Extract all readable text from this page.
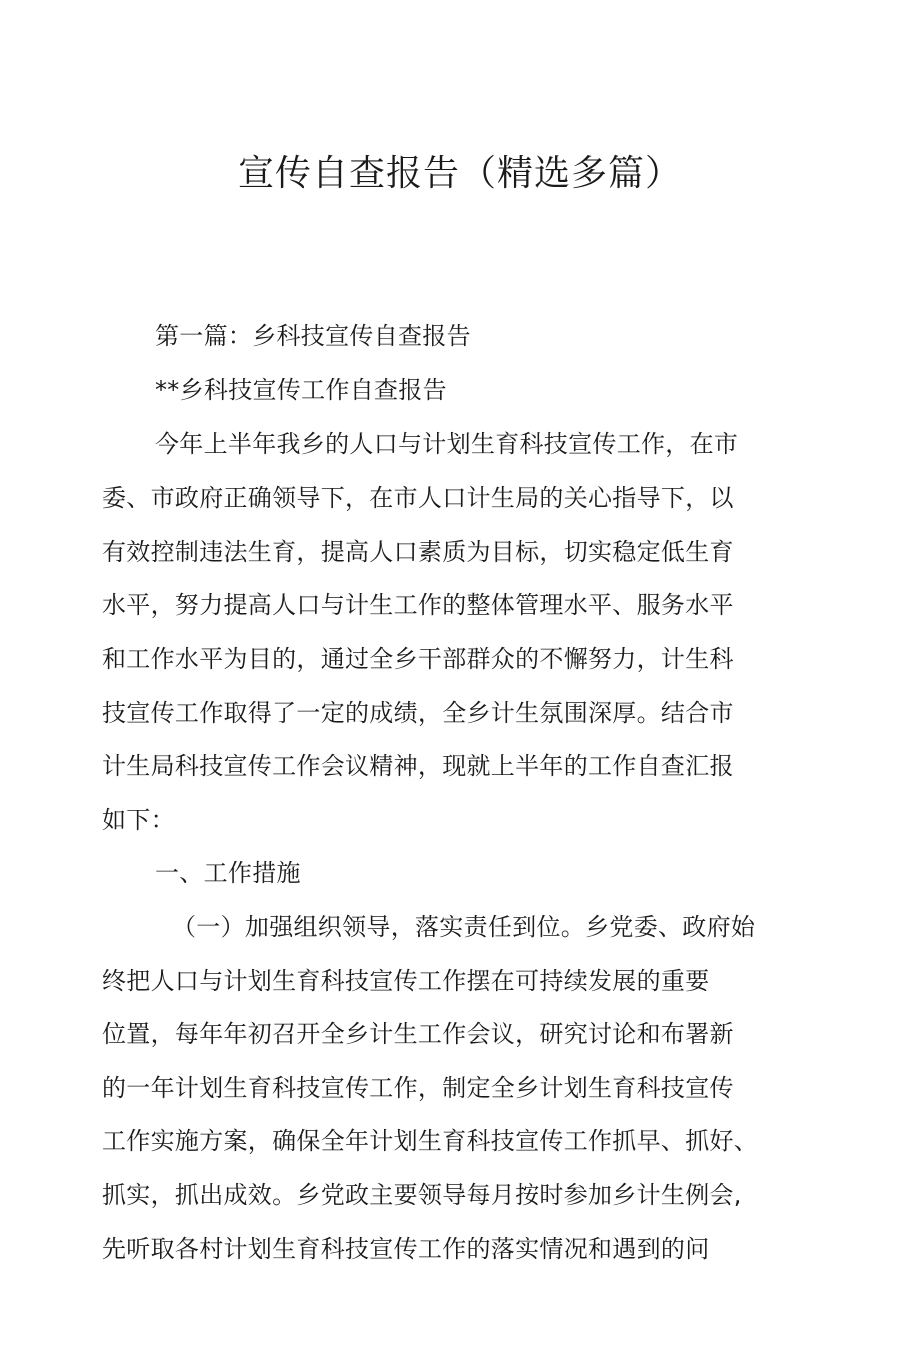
宣传自查报告（精选多篇）
第一篇：乡科技宣传自查报告
**乡科技宣传工作自查报告
今年上半年我乡的人口与计划生育科技宣传工作，在市
委、市政府正确领导下，在市人口计生局的关心指导下，以
有效控制违法生育，提高人口素质为目标，切实稳定低生育
水平，努力提高人口与计生工作的整体管理水平、服务水平
和工作水平为目的，通过全乡干部群众的不懈努力，计生科
技宣传工作取得了一定的成绩，全乡计生氛围深厚。结合市
计生局科技宣传工作会议精神，现就上半年的工作自查汇报
如下：
一、工作措施
（一）加强组织领导，落实责任到位。乡党委、政府始
终把人口与计划生育科技宣传工作摆在可持续发展的重要
位置，每年年初召开全乡计生工作会议，研究讨论和布署新
的一年计划生育科技宣传工作，制定全乡计划生育科技宣传
工作实施方案，确保全年计划生育科技宣传工作抓早、抓好、
抓实，抓出成效。乡党政主要领导每月按时参加乡计生例会,
先听取各村计划生育科技宣传工作的落实情况和遇到的问
